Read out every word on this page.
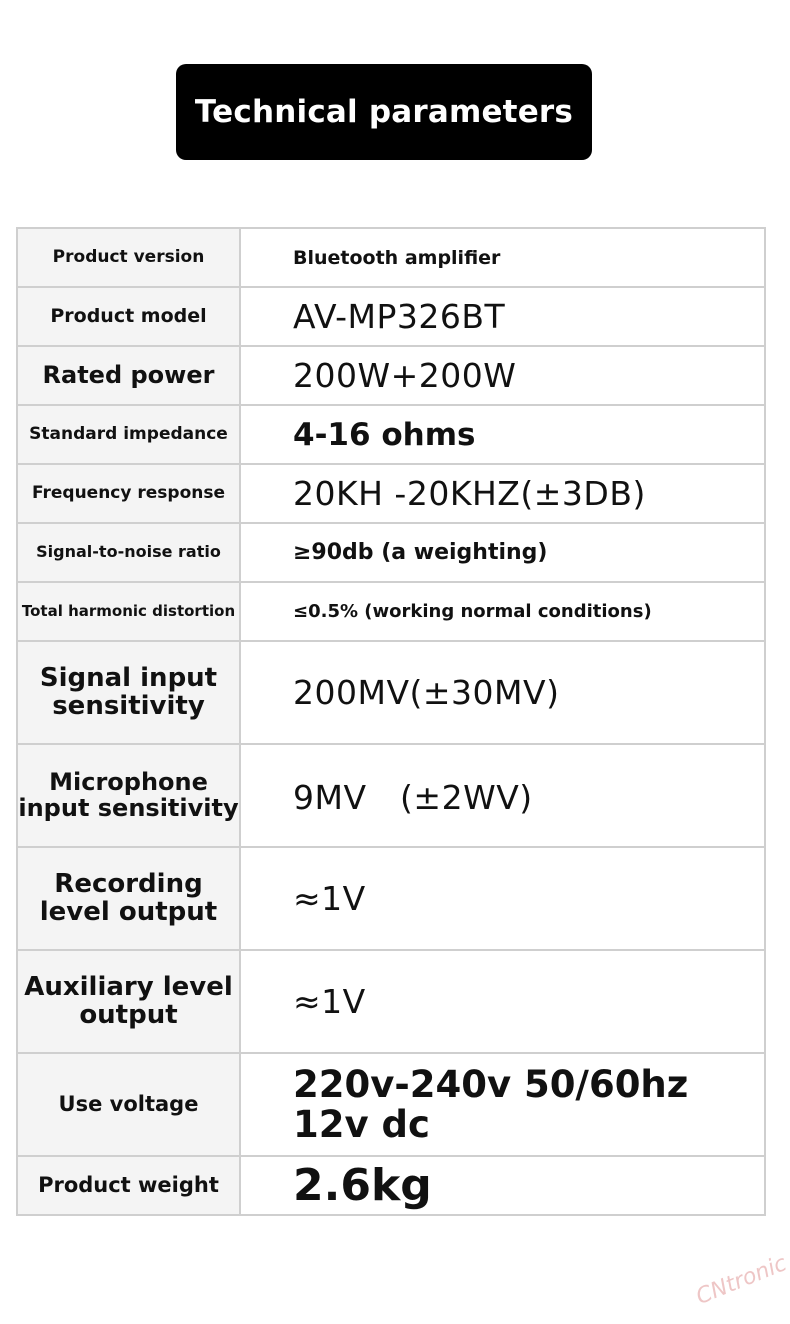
Technical parameters
Product version	Bluetooth amplifier
Product model	AV-MP326BT
Rated power	200W+200W
Standard impedance	4-16 ohms
Frequency response	20KH -20KHZ(±3DB)
Signal-to-noise ratio	≥90db (a weighting)
Total harmonic distortion	≤0.5% (working normal conditions)
Signal input sensitivity	200MV(±30MV)
Microphone input sensitivity	9MV　(±2WV)
Recording level output	≈1V
Auxiliary level output	≈1V
Use voltage	220v-240v 50/60hz
12v dc
Product weight	2.6kg
CNtronic
